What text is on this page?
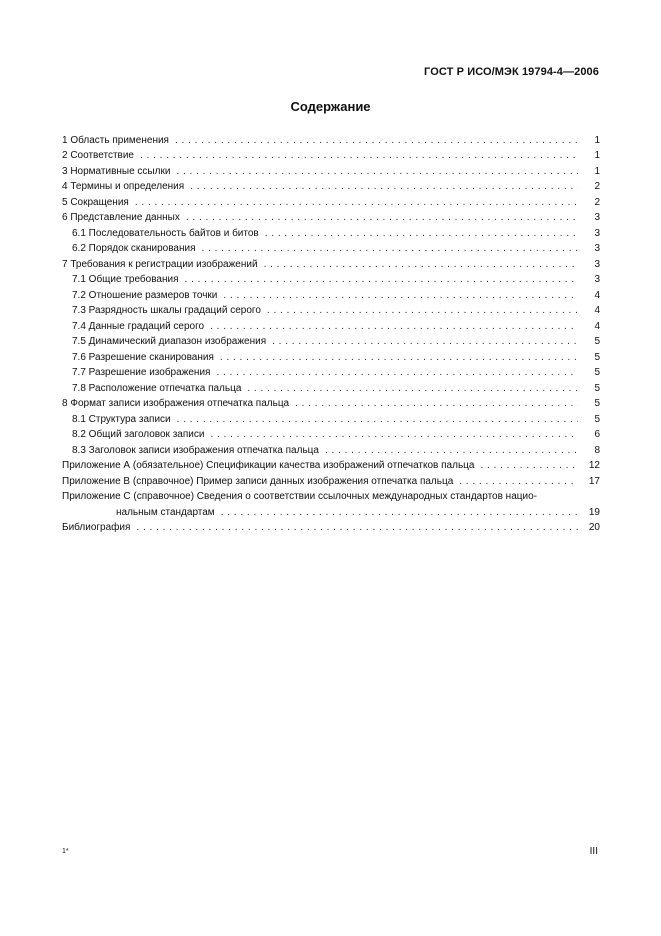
ГОСТ Р ИСО/МЭК 19794-4—2006
Содержание
1 Область применения . . .	1
2 Соответствие . . .	1
3 Нормативные ссылки . . .	1
4 Термины и определения . . .	2
5 Сокращения . . .	2
6 Представление данных . . .	3
6.1 Последовательность байтов и битов . . .	3
6.2 Порядок сканирования . . .	3
7 Требования к регистрации изображений . . .	3
7.1 Общие требования . . .	3
7.2 Отношение размеров точки . . .	4
7.3 Разрядность шкалы градаций серого . . .	4
7.4 Данные градаций серого . . .	4
7.5 Динамический диапазон изображения . . .	5
7.6 Разрешение сканирования . . .	5
7.7 Разрешение изображения . . .	5
7.8 Расположение отпечатка пальца . . .	5
8 Формат записи изображения отпечатка пальца . . .	5
8.1 Структура записи . . .	5
8.2 Общий заголовок записи . . .	6
8.3 Заголовок записи изображения отпечатка пальца . . .	8
Приложение А (обязательное) Спецификации качества изображений отпечатков пальца . . .	12
Приложение В (справочное) Пример записи данных изображения отпечатка пальца . . .	17
Приложение С (справочное) Сведения о соответствии ссылочных международных стандартов нацио-
нальным стандартам . . .	19
Библиография . . .	20
1*	III
